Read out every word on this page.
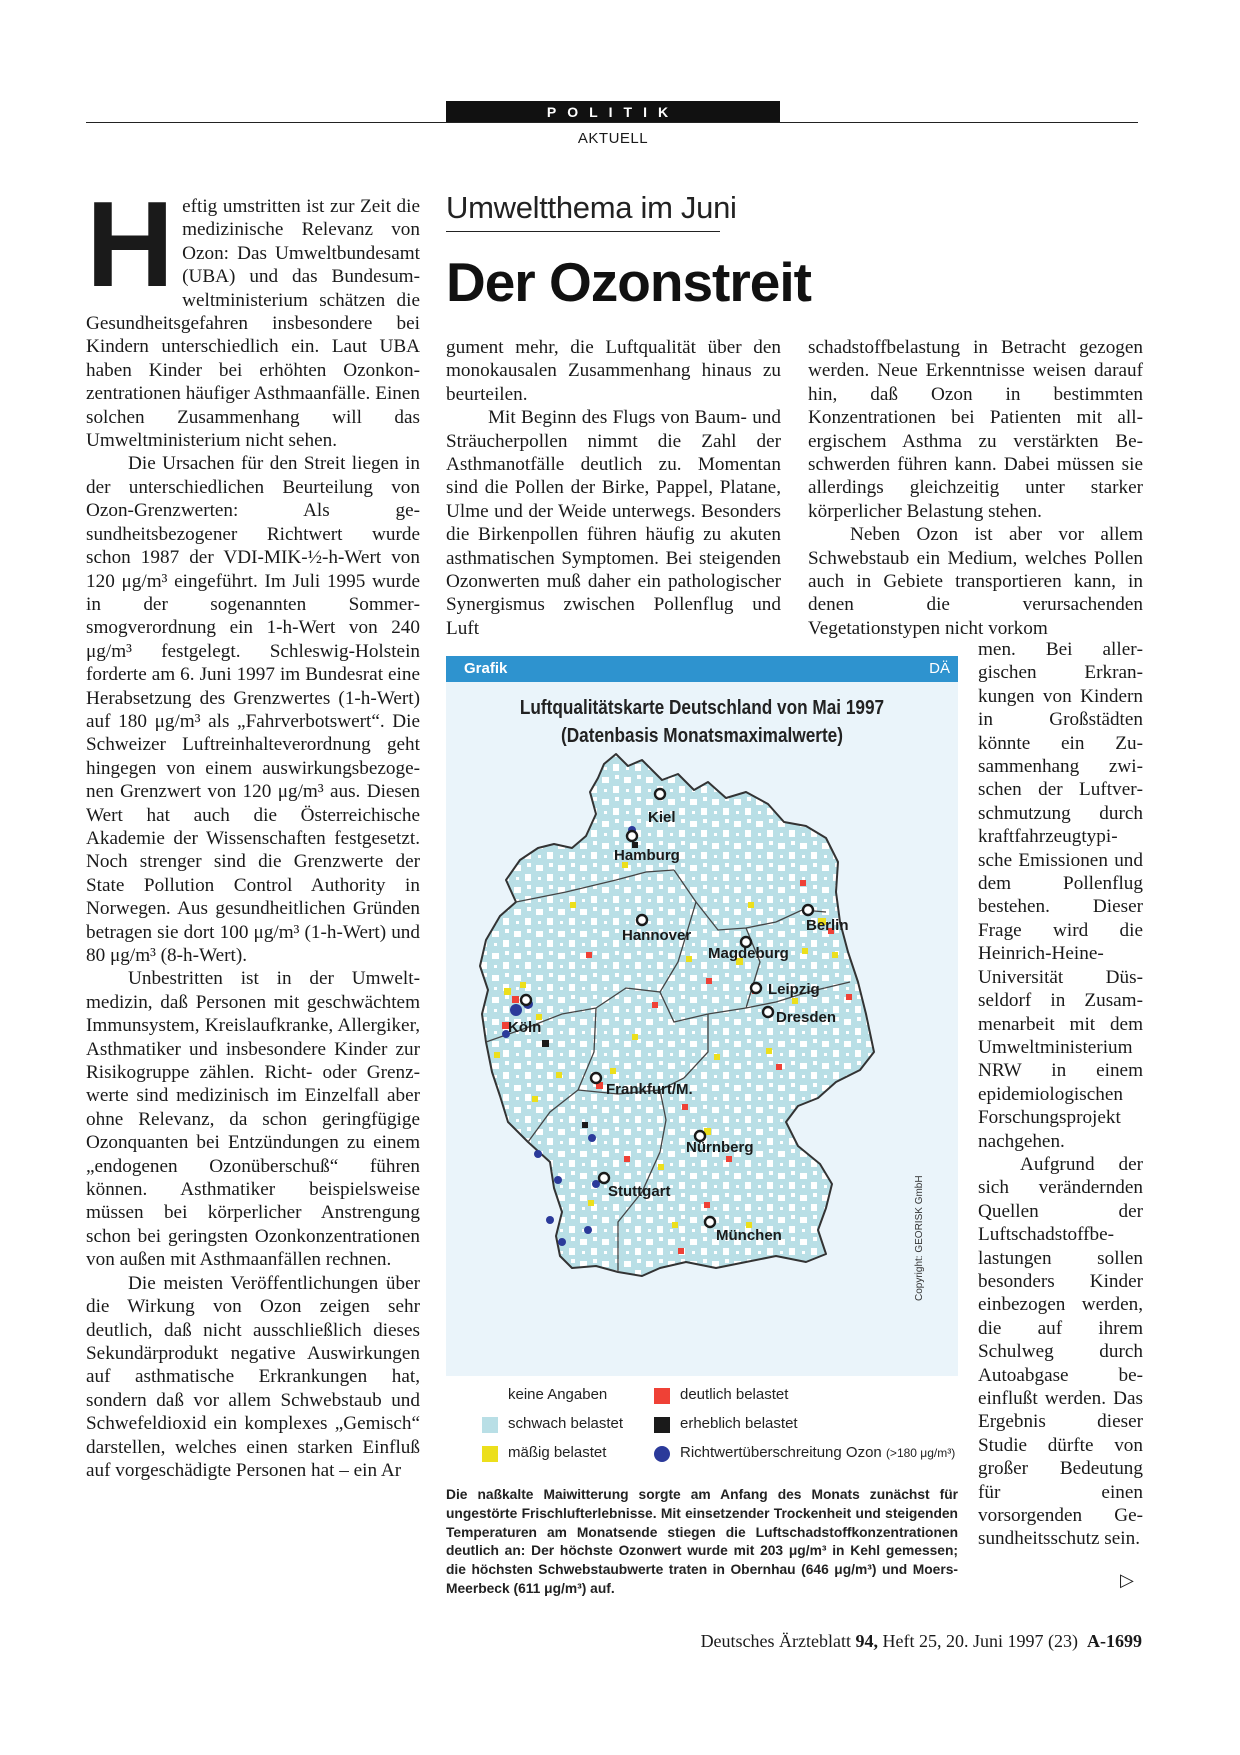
POLITIK
AKTUELL
Umweltthema im Juni
Der Ozonstreit

Heftig umstritten ist zur Zeit die medizinische Relevanz von Ozon: Das Umweltbundesamt (UBA) und das Bundesumweltministerium schätzen die Gesundheitsgefahren insbesondere bei Kindern unterschiedlich ein. Laut UBA haben Kinder bei erhöhten Ozonkonzentrationen häufiger Asthmaanfälle. Einen solchen Zusammenhang will das Umweltministerium nicht sehen.

Die Ursachen für den Streit liegen in der unterschiedlichen Beurteilung von Ozon-Grenzwerten: Als gesundheitsbezogener Richtwert wurde schon 1987 der VDI-MIK-½-h-Wert von 120 μg/m³ eingeführt. Im Juli 1995 wurde in der sogenannten Sommersmogverordnung ein 1-h-Wert von 240 μg/m³ festgelegt. Schleswig-Holstein forderte am 6. Juni 1997 im Bundesrat eine Herabsetzung des Grenzwertes (1-h-Wert) auf 180 μg/m³ als „Fahrverbotswert“. Die Schweizer Luftreinhalteverordnung geht hingegen von einem auswirkungsbezogenen Grenzwert von 120 μg/m³ aus. Diesen Wert hat auch die Österreichische Akademie der Wissenschaften festgesetzt. Noch strenger sind die Grenzwerte der State Pollution Control Authority in Norwegen. Aus gesundheitlichen Gründen betragen sie dort 100 μg/m³ (1-h-Wert) und 80 μg/m³ (8-h-Wert).

Unbestritten ist in der Umweltmedizin, daß Personen mit geschwächtem Immunsystem, Kreislaufkranke, Allergiker, Asthmatiker und insbesondere Kinder zur Risikogruppe zählen. Richt- oder Grenzwerte sind medizinisch im Einzelfall aber ohne Relevanz, da schon geringfügige Ozonquanten bei Entzündungen zu einem „endogenen Ozonüberschuß“ führen können. Asthmatiker beispielsweise müssen bei körperlicher Anstrengung schon bei geringsten Ozonkonzentrationen von außen mit Asthmaanfällen rechnen.

Die meisten Veröffentlichungen über die Wirkung von Ozon zeigen sehr deutlich, daß nicht ausschließlich dieses Sekundärprodukt negative Auswirkungen auf asthmatische Erkrankungen hat, sondern daß vor allem Schwebstaub und Schwefeldioxid ein komplexes „Gemisch“ darstellen, welches einen starken Einfluß auf vorgeschädigte Personen hat – ein Ar

gument mehr, die Luftqualität über den monokausalen Zusammenhang hinaus zu beurteilen.

Mit Beginn des Flugs von Baum- und Sträucherpollen nimmt die Zahl der Asthmanotfälle deutlich zu. Momentan sind die Pollen der Birke, Pappel, Platane, Ulme und der Weide unterwegs. Besonders die Birkenpollen führen häufig zu akuten asthmatischen Symptomen. Bei steigenden Ozonwerten muß daher ein pathologischer Synergismus zwischen Pollenflug und Luft

schadstoffbelastung in Betracht gezogen werden. Neue Erkenntnisse weisen darauf hin, daß Ozon in bestimmten Konzentrationen bei Patienten mit allergischem Asthma zu verstärkten Beschwerden führen kann. Dabei müssen sie allerdings gleichzeitig unter starker körperlicher Belastung stehen.

Neben Ozon ist aber vor allem Schwebstaub ein Medium, welches Pollen auch in Gebiete transportieren kann, in denen die verursachenden Vegetationstypen nicht vorkom

men. Bei allergischen Erkrankungen von Kindern in Großstädten könnte ein Zusammenhang zwischen der Luftverschmutzung durch kraftfahrzeugtypische Emissionen und dem Pollenflug bestehen. Dieser Frage wird die Heinrich-Heine-Universität Düsseldorf in Zusammenarbeit mit dem Umweltministerium NRW in einem epidemiologischen Forschungsprojekt nachgehen.

Aufgrund der sich verändernden Quellen der Luftschadstoffbelastungen sollen besonders Kinder einbezogen werden, die auf ihrem Schulweg durch Autoabgase beeinflußt werden. Das Ergebnis dieser Studie dürfte von großer Bedeutung für einen vorsorgenden Gesundheitsschutz sein.

▷
Grafik	DÄ
Luftqualitätskarte Deutschland von Mai 1997
(Datenbasis Monatsmaximalwerte)
Kiel
Hamburg
Berlin
Hannover
Magdeburg
Leipzig
Köln
Dresden
Frankfurt/M.
Nürnberg
Stuttgart
München	Copyright: GEORISK GmbH
keine Angaben
schwach belastet
mäßig belastet
deutlich belastet
erheblich belastet
Richtwertüberschreitung Ozon (>180 μg/m³)
Die naßkalte Maiwitterung sorgte am Anfang des Monats zunächst für ungestörte Frischlufterlebnisse. Mit einsetzender Trockenheit und steigenden Temperaturen am Monatsende stiegen die Luftschadstoffkonzentrationen deutlich an: Der höchste Ozonwert wurde mit 203 μg/m³ in Kehl gemessen; die höchsten Schwebstaubwerte traten in Obernhau (646 μg/m³) und Moers-Meerbeck (611 μg/m³) auf.
Deutsches Ärzteblatt 94, Heft 25, 20. Juni 1997 (23) A-1699
